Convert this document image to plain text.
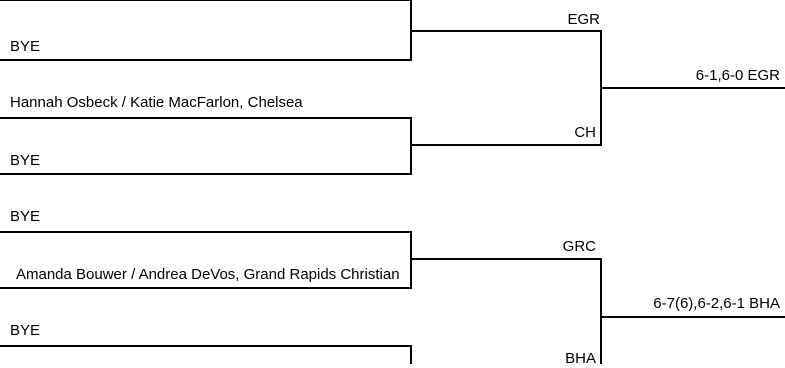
EGR
BYE
6-1,6-0 EGR
Hannah Osbeck / Katie MacFarlon, Chelsea
CH
BYE
BYE
GRC
Amanda Bouwer / Andrea DeVos, Grand Rapids Christian
6-7(6),6-2,6-1 BHA
BYE
BHA
